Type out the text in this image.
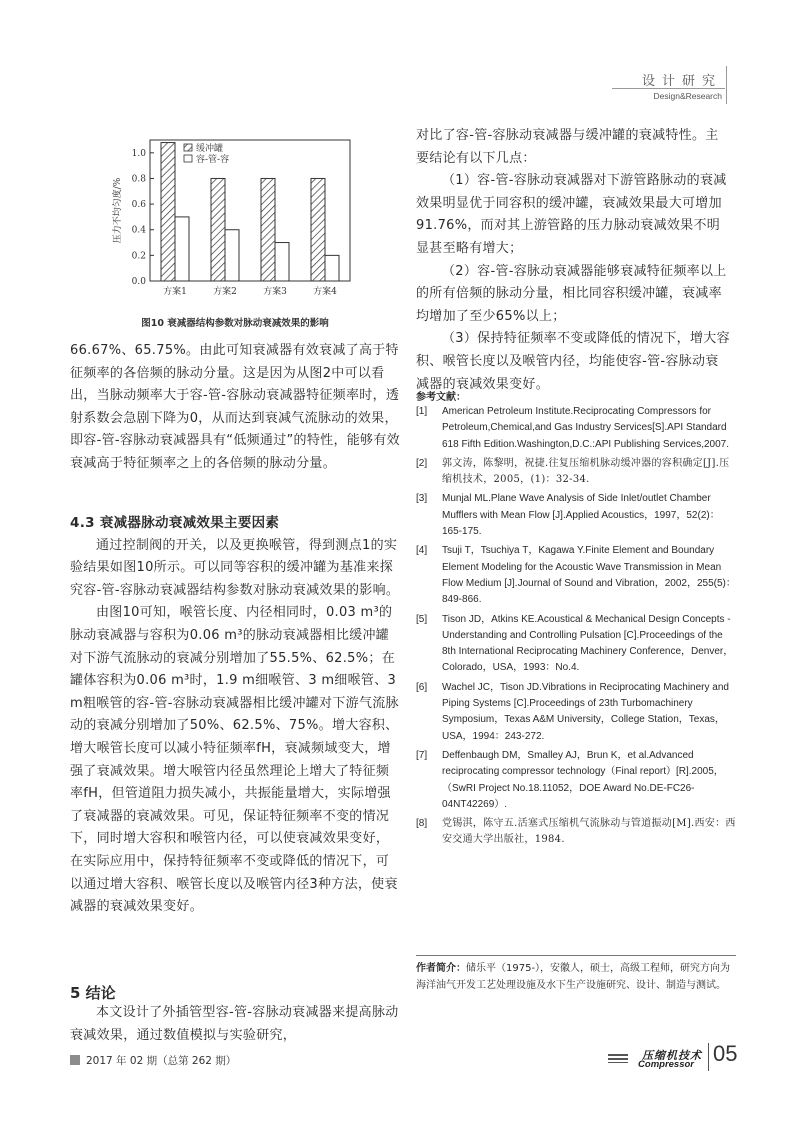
设计研究
Design&Research
0.0
0.2
0.4
0.6
0.8
1.0
压力不均匀度/%
方案1	方案2	方案3	方案4
缓冲罐
容-管-容
图10 衰减器结构参数对脉动衰减效果的影响

66.67%、65.75%。由此可知衰减器有效衰减了高于特征频率的各倍频的脉动分量。这是因为从图2中可以看出，当脉动频率大于容-管-容脉动衰减器特征频率时，透射系数会急剧下降为0，从而达到衰减气流脉动的效果，即容-管-容脉动衰减器具有“低频通过”的特性，能够有效衰减高于特征频率之上的各倍频的脉动分量。

4.3 衰减器脉动衰减效果主要因素

通过控制阀的开关，以及更换喉管，得到测点1的实验结果如图10所示。可以同等容积的缓冲罐为基准来探究容-管-容脉动衰减器结构参数对脉动衰减效果的影响。

由图10可知，喉管长度、内径相同时，0.03 m³的脉动衰减器与容积为0.06 m³的脉动衰减器相比缓冲罐对下游气流脉动的衰减分别增加了55.5%、62.5%；在罐体容积为0.06 m³时，1.9 m细喉管、3 m细喉管、3 m粗喉管的容-管-容脉动衰减器相比缓冲罐对下游气流脉动的衰减分别增加了50%、62.5%、75%。增大容积、增大喉管长度可以减小特征频率fH，衰减频域变大，增强了衰减效果。增大喉管内径虽然理论上增大了特征频率fH，但管道阻力损失减小，共振能量增大，实际增强了衰减器的衰减效果。可见，保证特征频率不变的情况下，同时增大容积和喉管内径，可以使衰减效果变好，在实际应用中，保持特征频率不变或降低的情况下，可以通过增大容积、喉管长度以及喉管内径3种方法，使衰减器的衰减效果变好。

5 结论

本文设计了外插管型容-管-容脉动衰减器来提高脉动衰减效果，通过数值模拟与实验研究，

对比了容-管-容脉动衰减器与缓冲罐的衰减特性。主要结论有以下几点：

（1）容-管-容脉动衰减器对下游管路脉动的衰减效果明显优于同容积的缓冲罐，衰减效果最大可增加91.76%，而对其上游管路的压力脉动衰减效果不明显甚至略有增大；

（2）容-管-容脉动衰减器能够衰减特征频率以上的所有倍频的脉动分量，相比同容积缓冲罐，衰减率均增加了至少65%以上；

（3）保持特征频率不变或降低的情况下，增大容积、喉管长度以及喉管内径，均能使容-管-容脉动衰减器的衰减效果变好。

参考文献：
[1] American Petroleum Institute.Reciprocating Compressors for Petroleum,Chemical,and Gas Industry Services[S].API Standard 618 Fifth Edition.Washington,D.C.:API Publishing Services,2007.
[2] 郭文涛，陈黎明，祝捷.往复压缩机脉动缓冲器的容积确定[J].压缩机技术，2005，(1)：32-34.
[3] Munjal ML.Plane Wave Analysis of Side Inlet/outlet Chamber Mufflers with Mean Flow [J].Applied Acoustics，1997，52(2)：165-175.
[4] Tsuji T，Tsuchiya T，Kagawa Y.Finite Element and Boundary Element Modeling for the Acoustic Wave Transmission in Mean Flow Medium [J].Journal of Sound and Vibration，2002，255(5)：849-866.
[5] Tison JD，Atkins KE.Acoustical & Mechanical Design Concepts - Understanding and Controlling Pulsation [C].Proceedings of the 8th International Reciprocating Machinery Conference，Denver，Colorado，USA，1993：No.4.
[6] Wachel JC，Tison JD.Vibrations in Reciprocating Machinery and Piping Systems [C].Proceedings of 23th Turbomachinery Symposium，Texas A&M University，College Station，Texas，USA，1994：243-272.
[7] Deffenbaugh DM，Smalley AJ，Brun K，et al.Advanced reciprocating compressor technology（Final report）[R].2005，（SwRI Project No.18.11052，DOE Award No.DE-FC26-04NT42269）.
[8] 党锡淇，陈守五.活塞式压缩机气流脉动与管道振动[M].西安：西安交通大学出版社，1984.
作者简介：储乐平（1975-），安徽人，硕士，高级工程师，研究方向为海洋油气开发工艺处理设施及水下生产设施研究、设计、制造与测试。
2017 年 02 期（总第 262 期）	压缩机技术
Compressor 05
